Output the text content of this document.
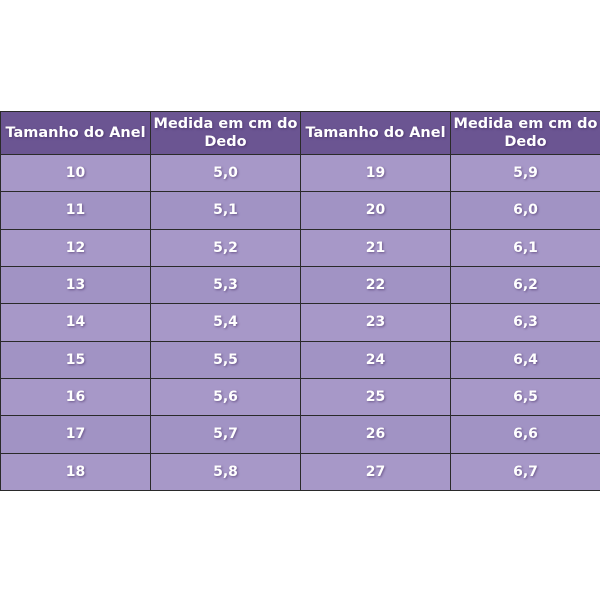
Tamanho do Anel	Medida em cm do Dedo	Tamanho do Anel	Medida em cm do Dedo
10	5,0	19	5,9
11	5,1	20	6,0
12	5,2	21	6,1
13	5,3	22	6,2
14	5,4	23	6,3
15	5,5	24	6,4
16	5,6	25	6,5
17	5,7	26	6,6
18	5,8	27	6,7
